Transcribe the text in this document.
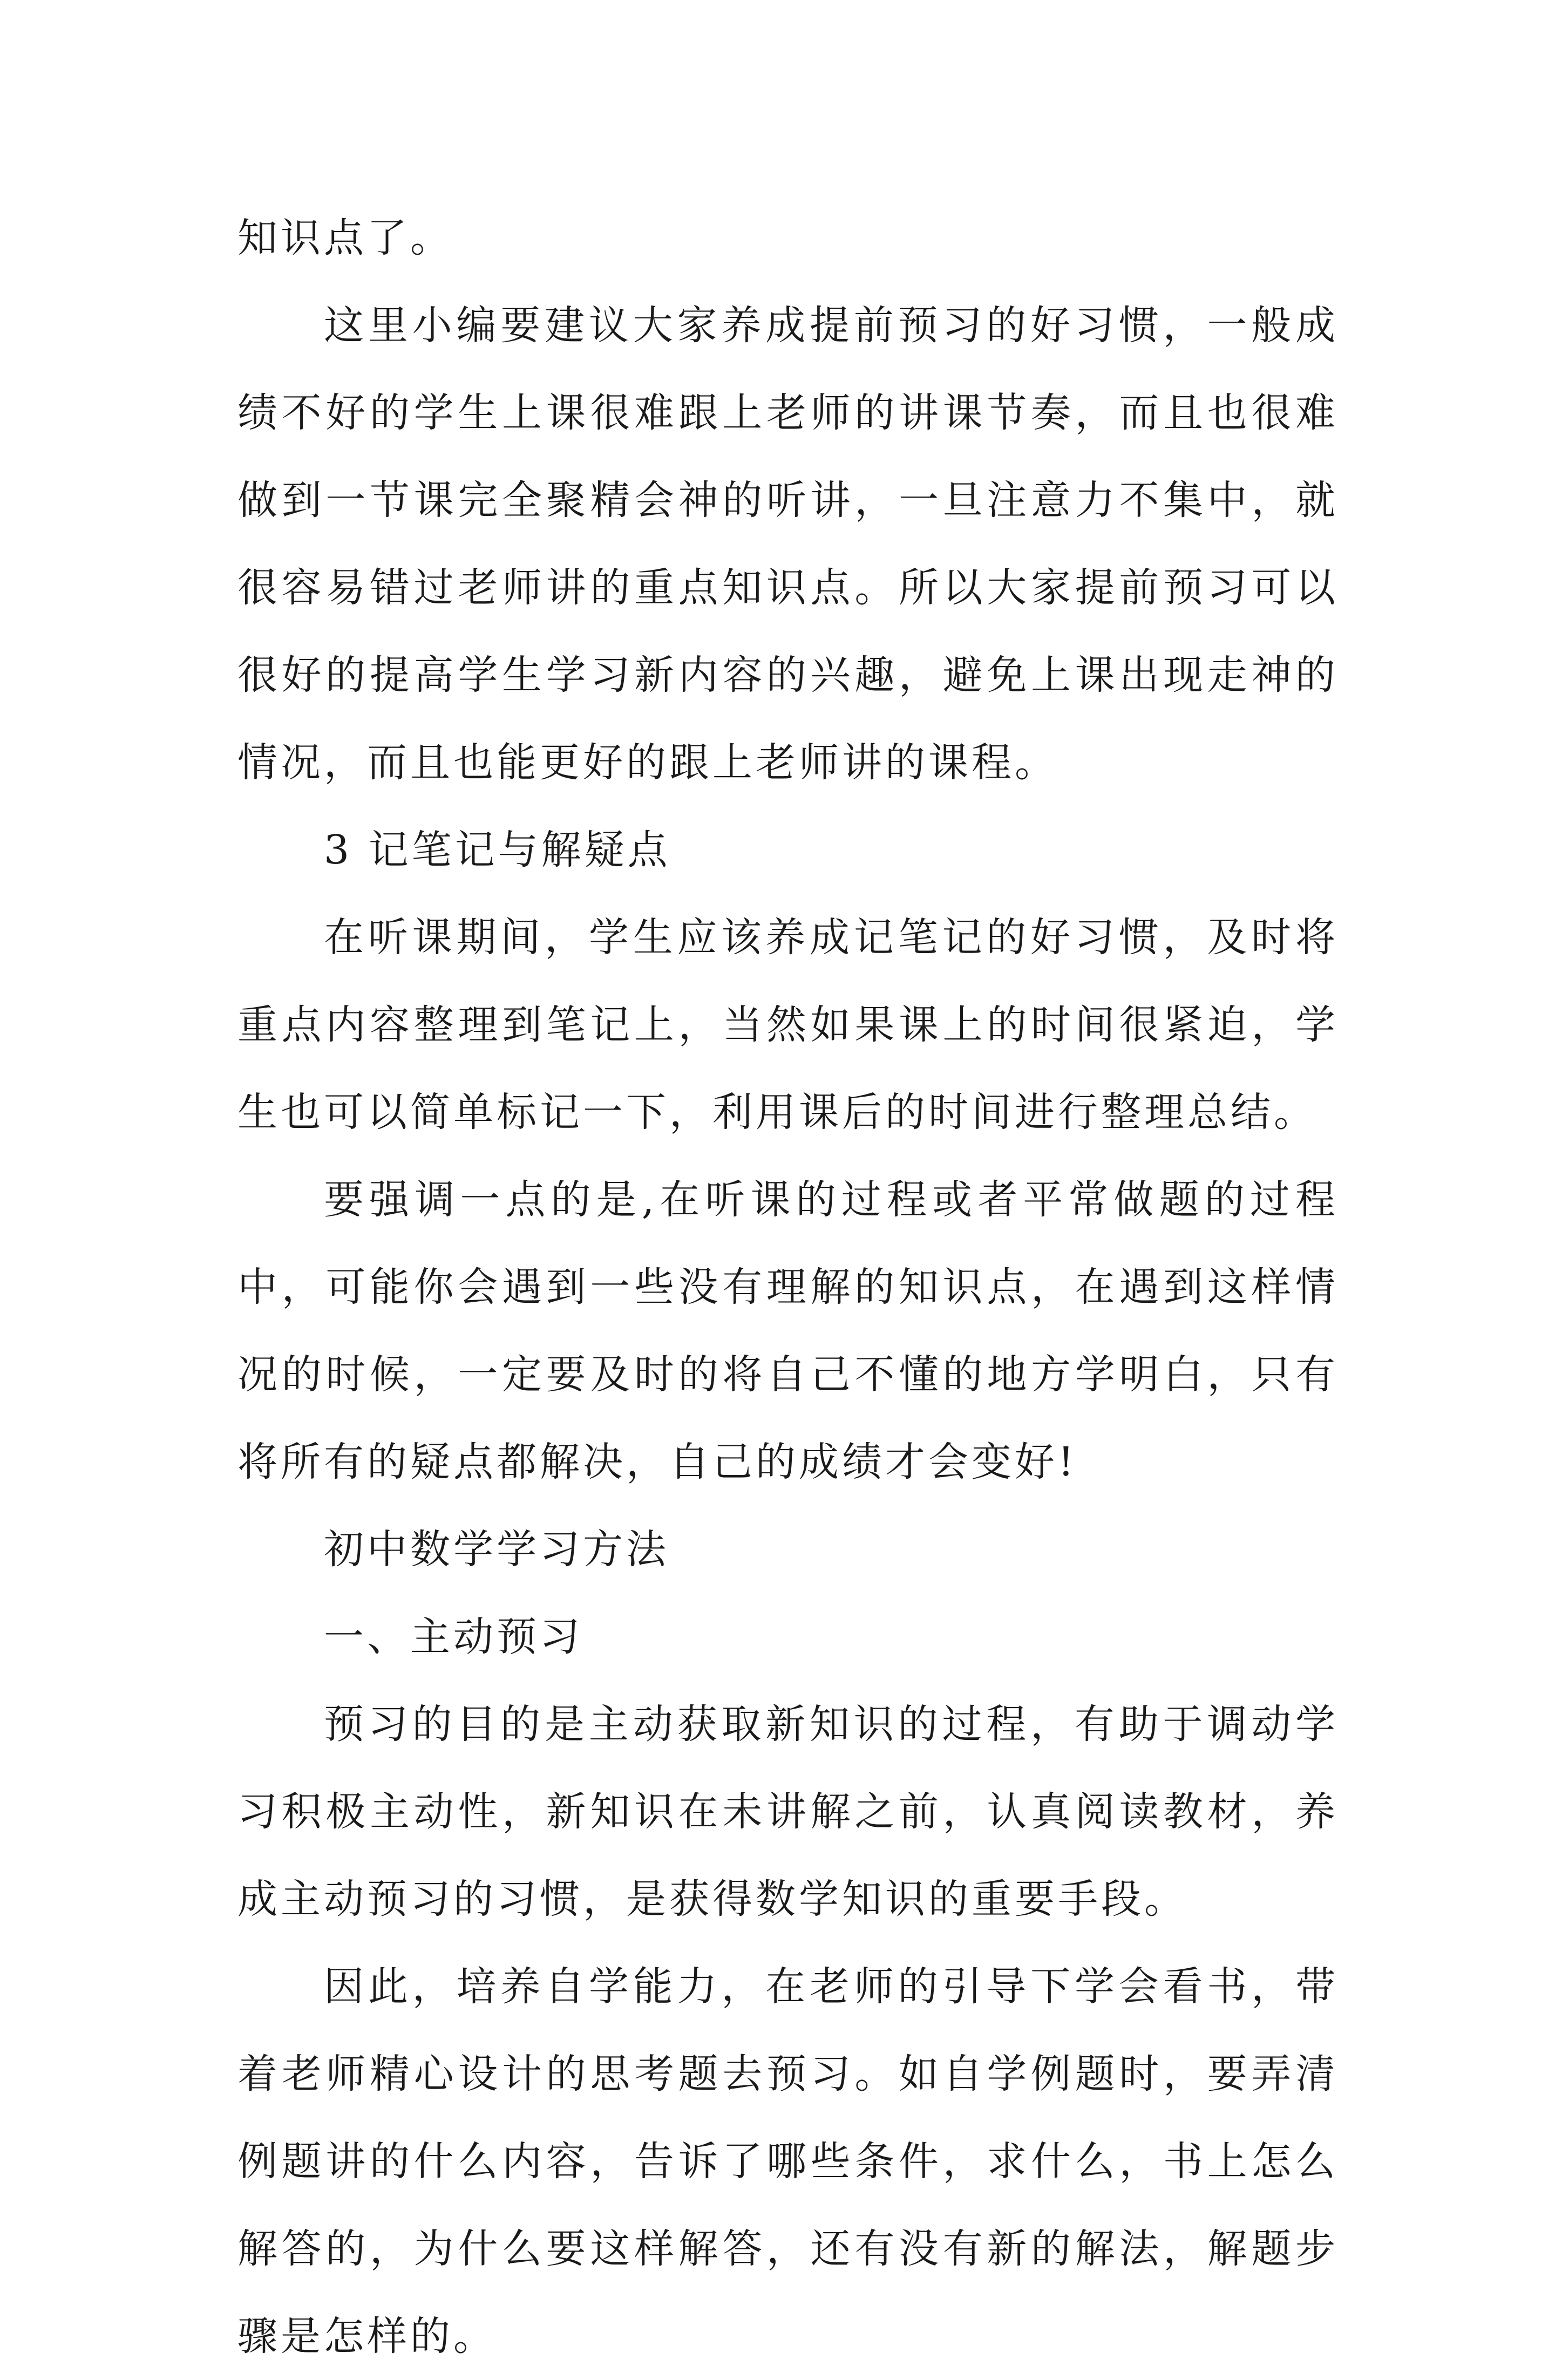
知识点了。

这里小编要建议大家养成提前预习的好习惯，一般成绩不好的学生上课很难跟上老师的讲课节奏，而且也很难做到一节课完全聚精会神的听讲，一旦注意力不集中，就很容易错过老师讲的重点知识点。所以大家提前预习可以很好的提高学生学习新内容的兴趣，避免上课出现走神的情况，而且也能更好的跟上老师讲的课程。

3 记笔记与解疑点

在听课期间，学生应该养成记笔记的好习惯，及时将重点内容整理到笔记上，当然如果课上的时间很紧迫，学生也可以简单标记一下，利用课后的时间进行整理总结。

要强调一点的是,在听课的过程或者平常做题的过程中，可能你会遇到一些没有理解的知识点，在遇到这样情况的时候，一定要及时的将自己不懂的地方学明白，只有将所有的疑点都解决，自己的成绩才会变好!

初中数学学习方法

一、主动预习

预习的目的是主动获取新知识的过程，有助于调动学习积极主动性，新知识在未讲解之前，认真阅读教材，养成主动预习的习惯，是获得数学知识的重要手段。

因此，培养自学能力，在老师的引导下学会看书，带着老师精心设计的思考题去预习。如自学例题时，要弄清例题讲的什么内容，告诉了哪些条件，求什么，书上怎么解答的，为什么要这样解答，还有没有新的解法，解题步骤是怎样的。
